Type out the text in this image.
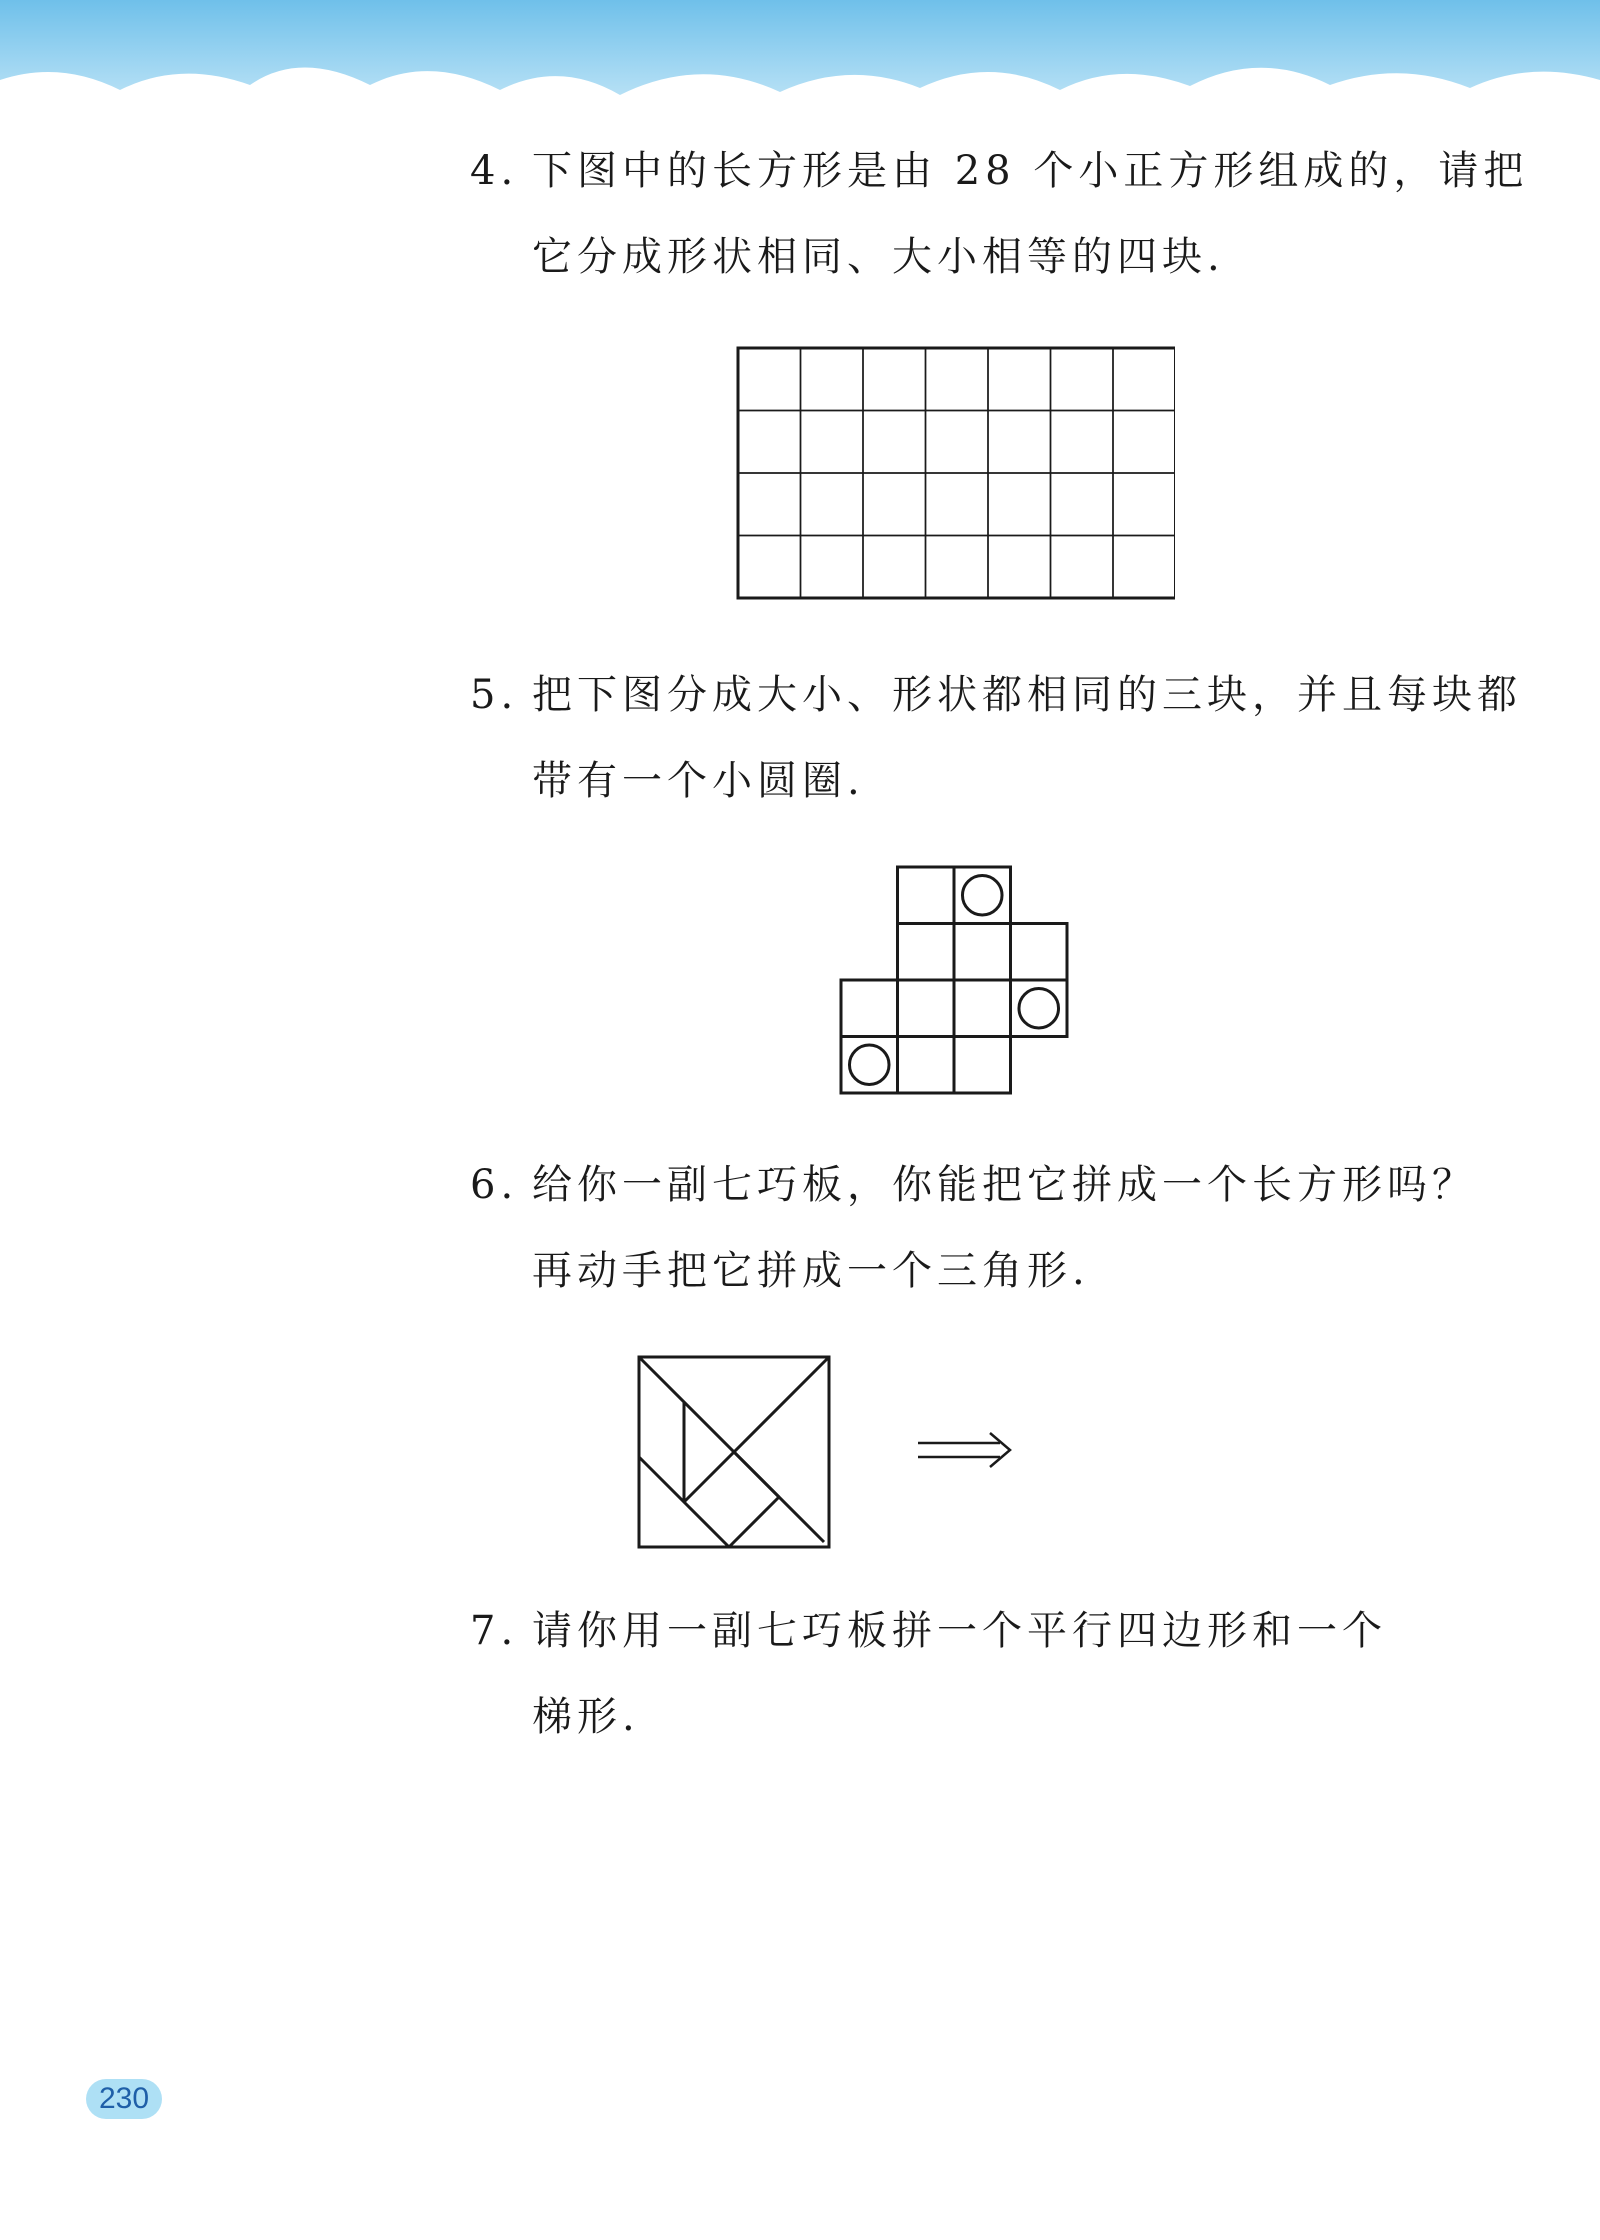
4. 下图中的长方形是由 28 个小正方形组成的，请把
它分成形状相同、大小相等的四块.
5. 把下图分成大小、形状都相同的三块，并且每块都
带有一个小圆圈.
6. 给你一副七巧板，你能把它拼成一个长方形吗？
再动手把它拼成一个三角形.
7. 请你用一副七巧板拼一个平行四边形和一个
梯形.
230
